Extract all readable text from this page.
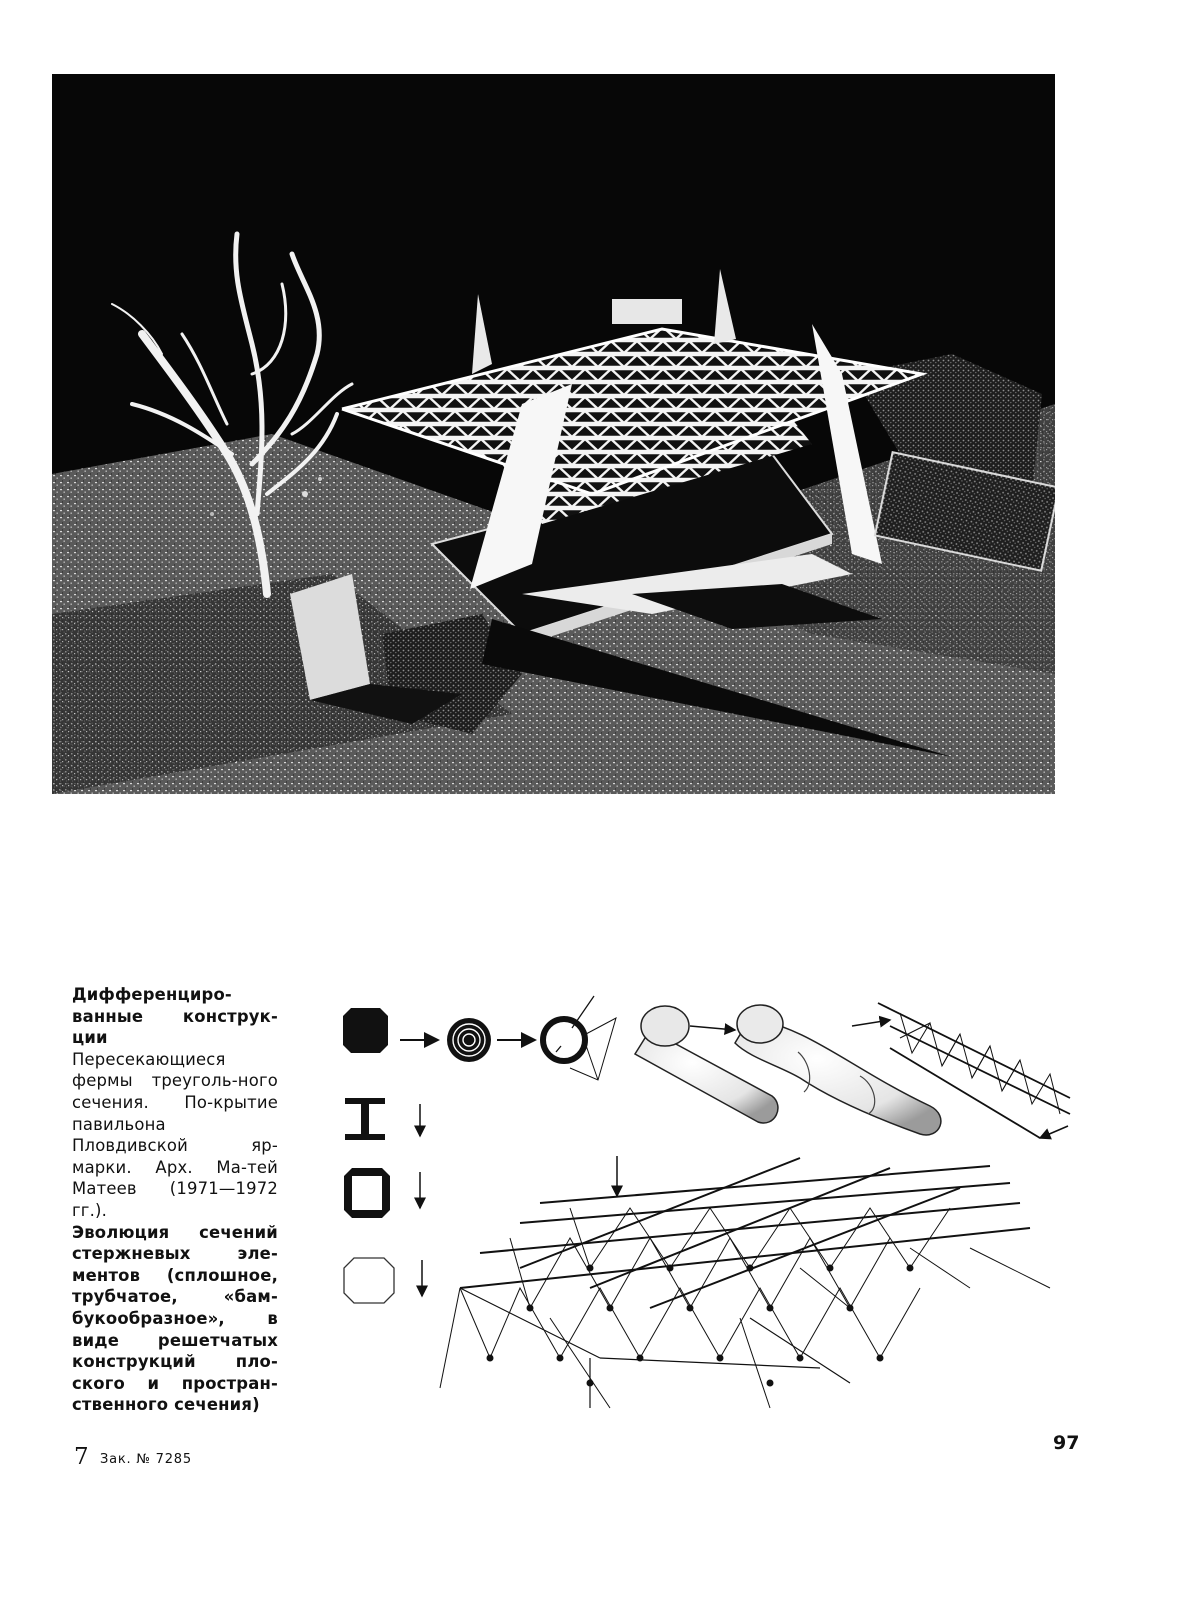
Дифференциро-ванные конструк-ции

Пересекающиеся фермы треуголь-ного сечения. По-крытие павильона Пловдивской яр-марки. Арх. Ма-тей Матеев (1971—1972 гг.).

Эволюция сечений стержневых эле-ментов (сплошное, трубчатое, «бам-букообразное», в виде решетчатых конструкций пло-ского и простран-ственного сечения)

7 Зак. № 7285
97
